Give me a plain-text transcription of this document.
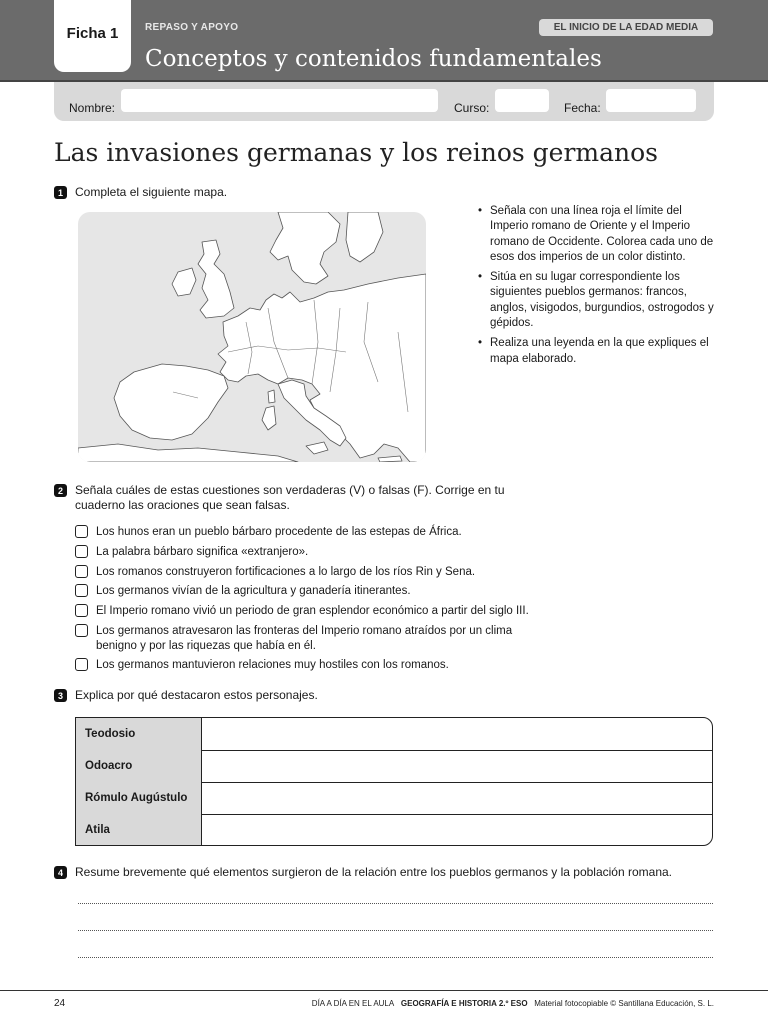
Ficha 1	REPASO Y APOYO
Conceptos y contenidos fundamentales
EL INICIO DE LA EDAD MEDIA
Nombre:	Curso:	Fecha:
Las invasiones germanas y los reinos germanos
1	Completa el siguiente mapa.
• Señala con una línea roja el límite del Imperio romano de Oriente y el Imperio romano de Occidente. Colorea cada uno de esos dos imperios de un color distinto.
• Sitúa en su lugar correspondiente los siguientes pueblos germanos: francos, anglos, visigodos, burgundios, ostrogodos y gépidos.
• Realiza una leyenda en la que expliques el mapa elaborado.
2	Señala cuáles de estas cuestiones son verdaderas (V) o falsas (F). Corrige en tu cuaderno las oraciones que sean falsas.
Los hunos eran un pueblo bárbaro procedente de las estepas de África.
La palabra bárbaro significa «extranjero».
Los romanos construyeron fortificaciones a lo largo de los ríos Rin y Sena.
Los germanos vivían de la agricultura y ganadería itinerantes.
El Imperio romano vivió un periodo de gran esplendor económico a partir del siglo III.
Los germanos atravesaron las fronteras del Imperio romano atraídos por un clima benigno y por las riquezas que había en él.
Los germanos mantuvieron relaciones muy hostiles con los romanos.
3	Explica por qué destacaron estos personajes.
Teodosio
Odoacro
Rómulo Augústulo
Atila
4	Resume brevemente qué elementos surgieron de la relación entre los pueblos germanos y la población romana.
24	DÍA A DÍA EN EL AULA GEOGRAFÍA E HISTORIA 2.º ESO Material fotocopiable © Santillana Educación, S. L.
